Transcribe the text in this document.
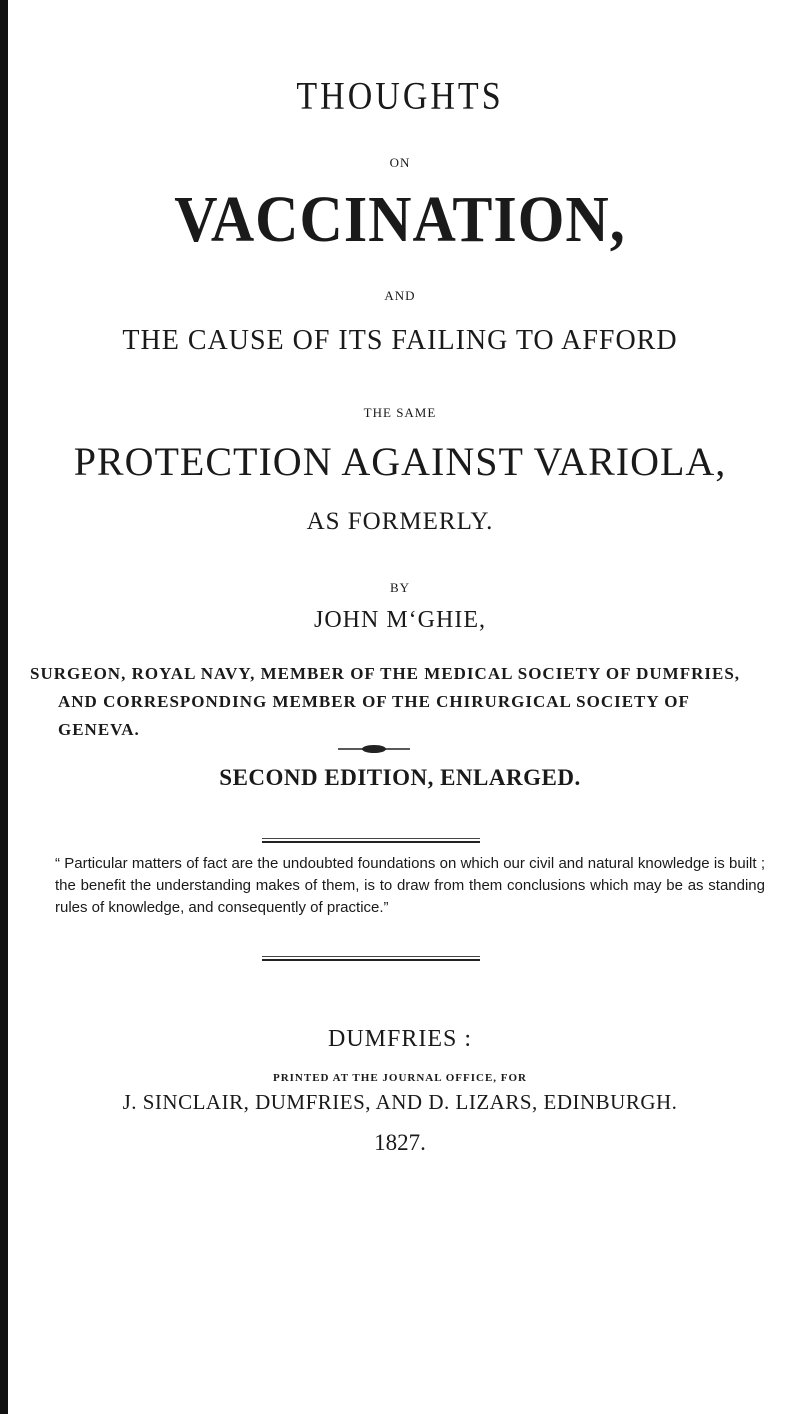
THOUGHTS
ON
VACCINATION,
AND
THE CAUSE OF ITS FAILING TO AFFORD
THE SAME
PROTECTION AGAINST VARIOLA,
AS FORMERLY.
BY
JOHN M‘GHIE,
SURGEON, ROYAL NAVY, MEMBER OF THE MEDICAL SOCIETY OF DUMFRIES, AND CORRESPONDING MEMBER OF THE CHIRURGICAL SOCIETY OF GENEVA.
SECOND EDITION, ENLARGED.
“ Particular matters of fact are the undoubted foundations on which our civil and natural knowledge is built ; the benefit the understanding makes of them, is to draw from them conclusions which may be as standing rules of knowledge, and consequently of practice.”
DUMFRIES :
PRINTED AT THE JOURNAL OFFICE, FOR
J. SINCLAIR, DUMFRIES, AND D. LIZARS, EDINBURGH.
1827.
